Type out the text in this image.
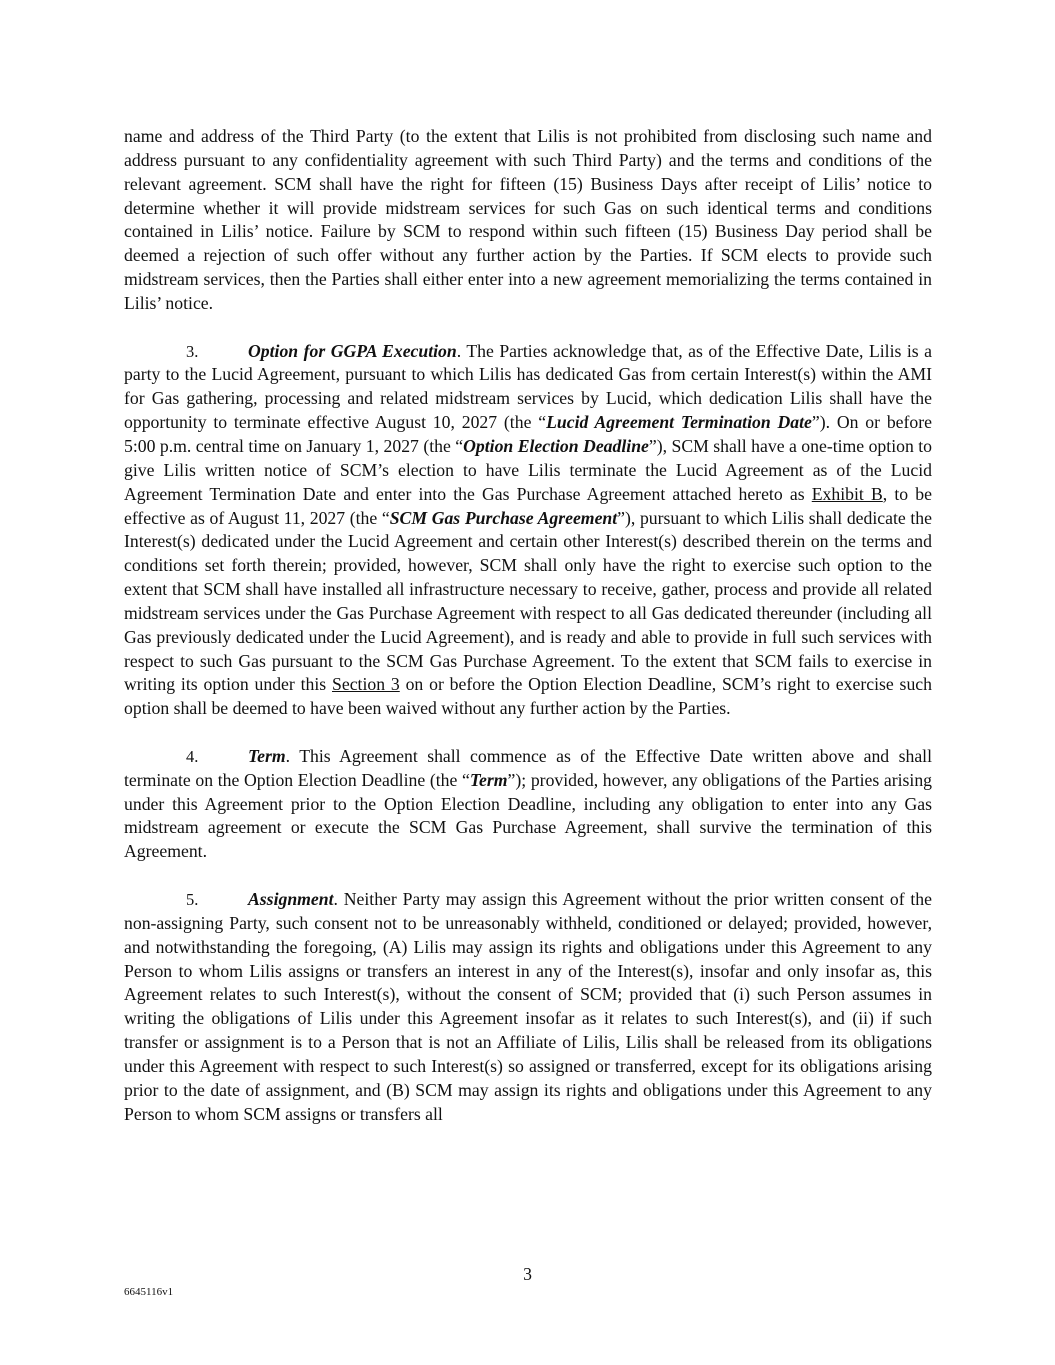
name and address of the Third Party (to the extent that Lilis is not prohibited from disclosing such name and address pursuant to any confidentiality agreement with such Third Party) and the terms and conditions of the relevant agreement. SCM shall have the right for fifteen (15) Business Days after receipt of Lilis’ notice to determine whether it will provide midstream services for such Gas on such identical terms and conditions contained in Lilis’ notice. Failure by SCM to respond within such fifteen (15) Business Day period shall be deemed a rejection of such offer without any further action by the Parties. If SCM elects to provide such midstream services, then the Parties shall either enter into a new agreement memorializing the terms contained in Lilis’ notice.

3.	Option for GGPA Execution. The Parties acknowledge that, as of the Effective Date, Lilis is a party to the Lucid Agreement, pursuant to which Lilis has dedicated Gas from certain Interest(s) within the AMI for Gas gathering, processing and related midstream services by Lucid, which dedication Lilis shall have the opportunity to terminate effective August 10, 2027 (the “Lucid Agreement Termination Date”). On or before 5:00 p.m. central time on January 1, 2027 (the “Option Election Deadline”), SCM shall have a one-time option to give Lilis written notice of SCM’s election to have Lilis terminate the Lucid Agreement as of the Lucid Agreement Termination Date and enter into the Gas Purchase Agreement attached hereto as Exhibit B, to be effective as of August 11, 2027 (the “SCM Gas Purchase Agreement”), pursuant to which Lilis shall dedicate the Interest(s) dedicated under the Lucid Agreement and certain other Interest(s) described therein on the terms and conditions set forth therein; provided, however, SCM shall only have the right to exercise such option to the extent that SCM shall have installed all infrastructure necessary to receive, gather, process and provide all related midstream services under the Gas Purchase Agreement with respect to all Gas dedicated thereunder (including all Gas previously dedicated under the Lucid Agreement), and is ready and able to provide in full such services with respect to such Gas pursuant to the SCM Gas Purchase Agreement. To the extent that SCM fails to exercise in writing its option under this Section 3 on or before the Option Election Deadline, SCM’s right to exercise such option shall be deemed to have been waived without any further action by the Parties.

4.	Term. This Agreement shall commence as of the Effective Date written above and shall terminate on the Option Election Deadline (the “Term”); provided, however, any obligations of the Parties arising under this Agreement prior to the Option Election Deadline, including any obligation to enter into any Gas midstream agreement or execute the SCM Gas Purchase Agreement, shall survive the termination of this Agreement.

5.	Assignment. Neither Party may assign this Agreement without the prior written consent of the non-assigning Party, such consent not to be unreasonably withheld, conditioned or delayed; provided, however, and notwithstanding the foregoing, (A) Lilis may assign its rights and obligations under this Agreement to any Person to whom Lilis assigns or transfers an interest in any of the Interest(s), insofar and only insofar as, this Agreement relates to such Interest(s), without the consent of SCM; provided that (i) such Person assumes in writing the obligations of Lilis under this Agreement insofar as it relates to such Interest(s), and (ii) if such transfer or assignment is to a Person that is not an Affiliate of Lilis, Lilis shall be released from its obligations under this Agreement with respect to such Interest(s) so assigned or transferred, except for its obligations arising prior to the date of assignment, and (B) SCM may assign its rights and obligations under this Agreement to any Person to whom SCM assigns or transfers all

3
6645116v1
